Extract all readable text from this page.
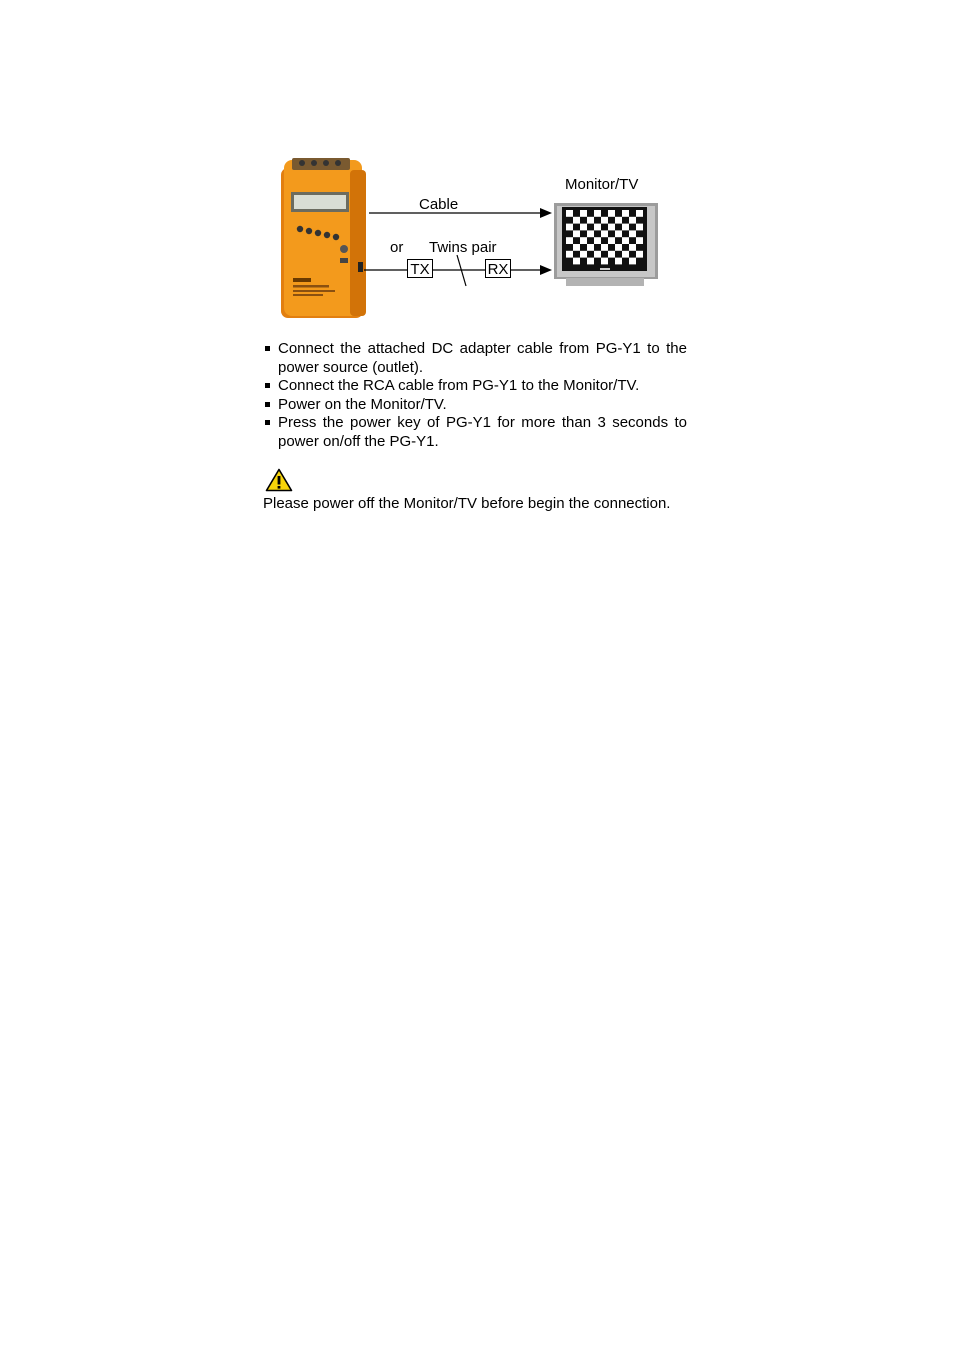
Monitor/TV
Cable
or Twins pair
TX	RX
Connect the attached DC adapter cable from PG-Y1 to the power source (outlet).
Connect the RCA cable from PG-Y1 to the Monitor/TV.
Power on the Monitor/TV.
Press the power key of PG-Y1 for more than 3 seconds to power on/off the PG-Y1.

Please power off the Monitor/TV before begin the connection.
